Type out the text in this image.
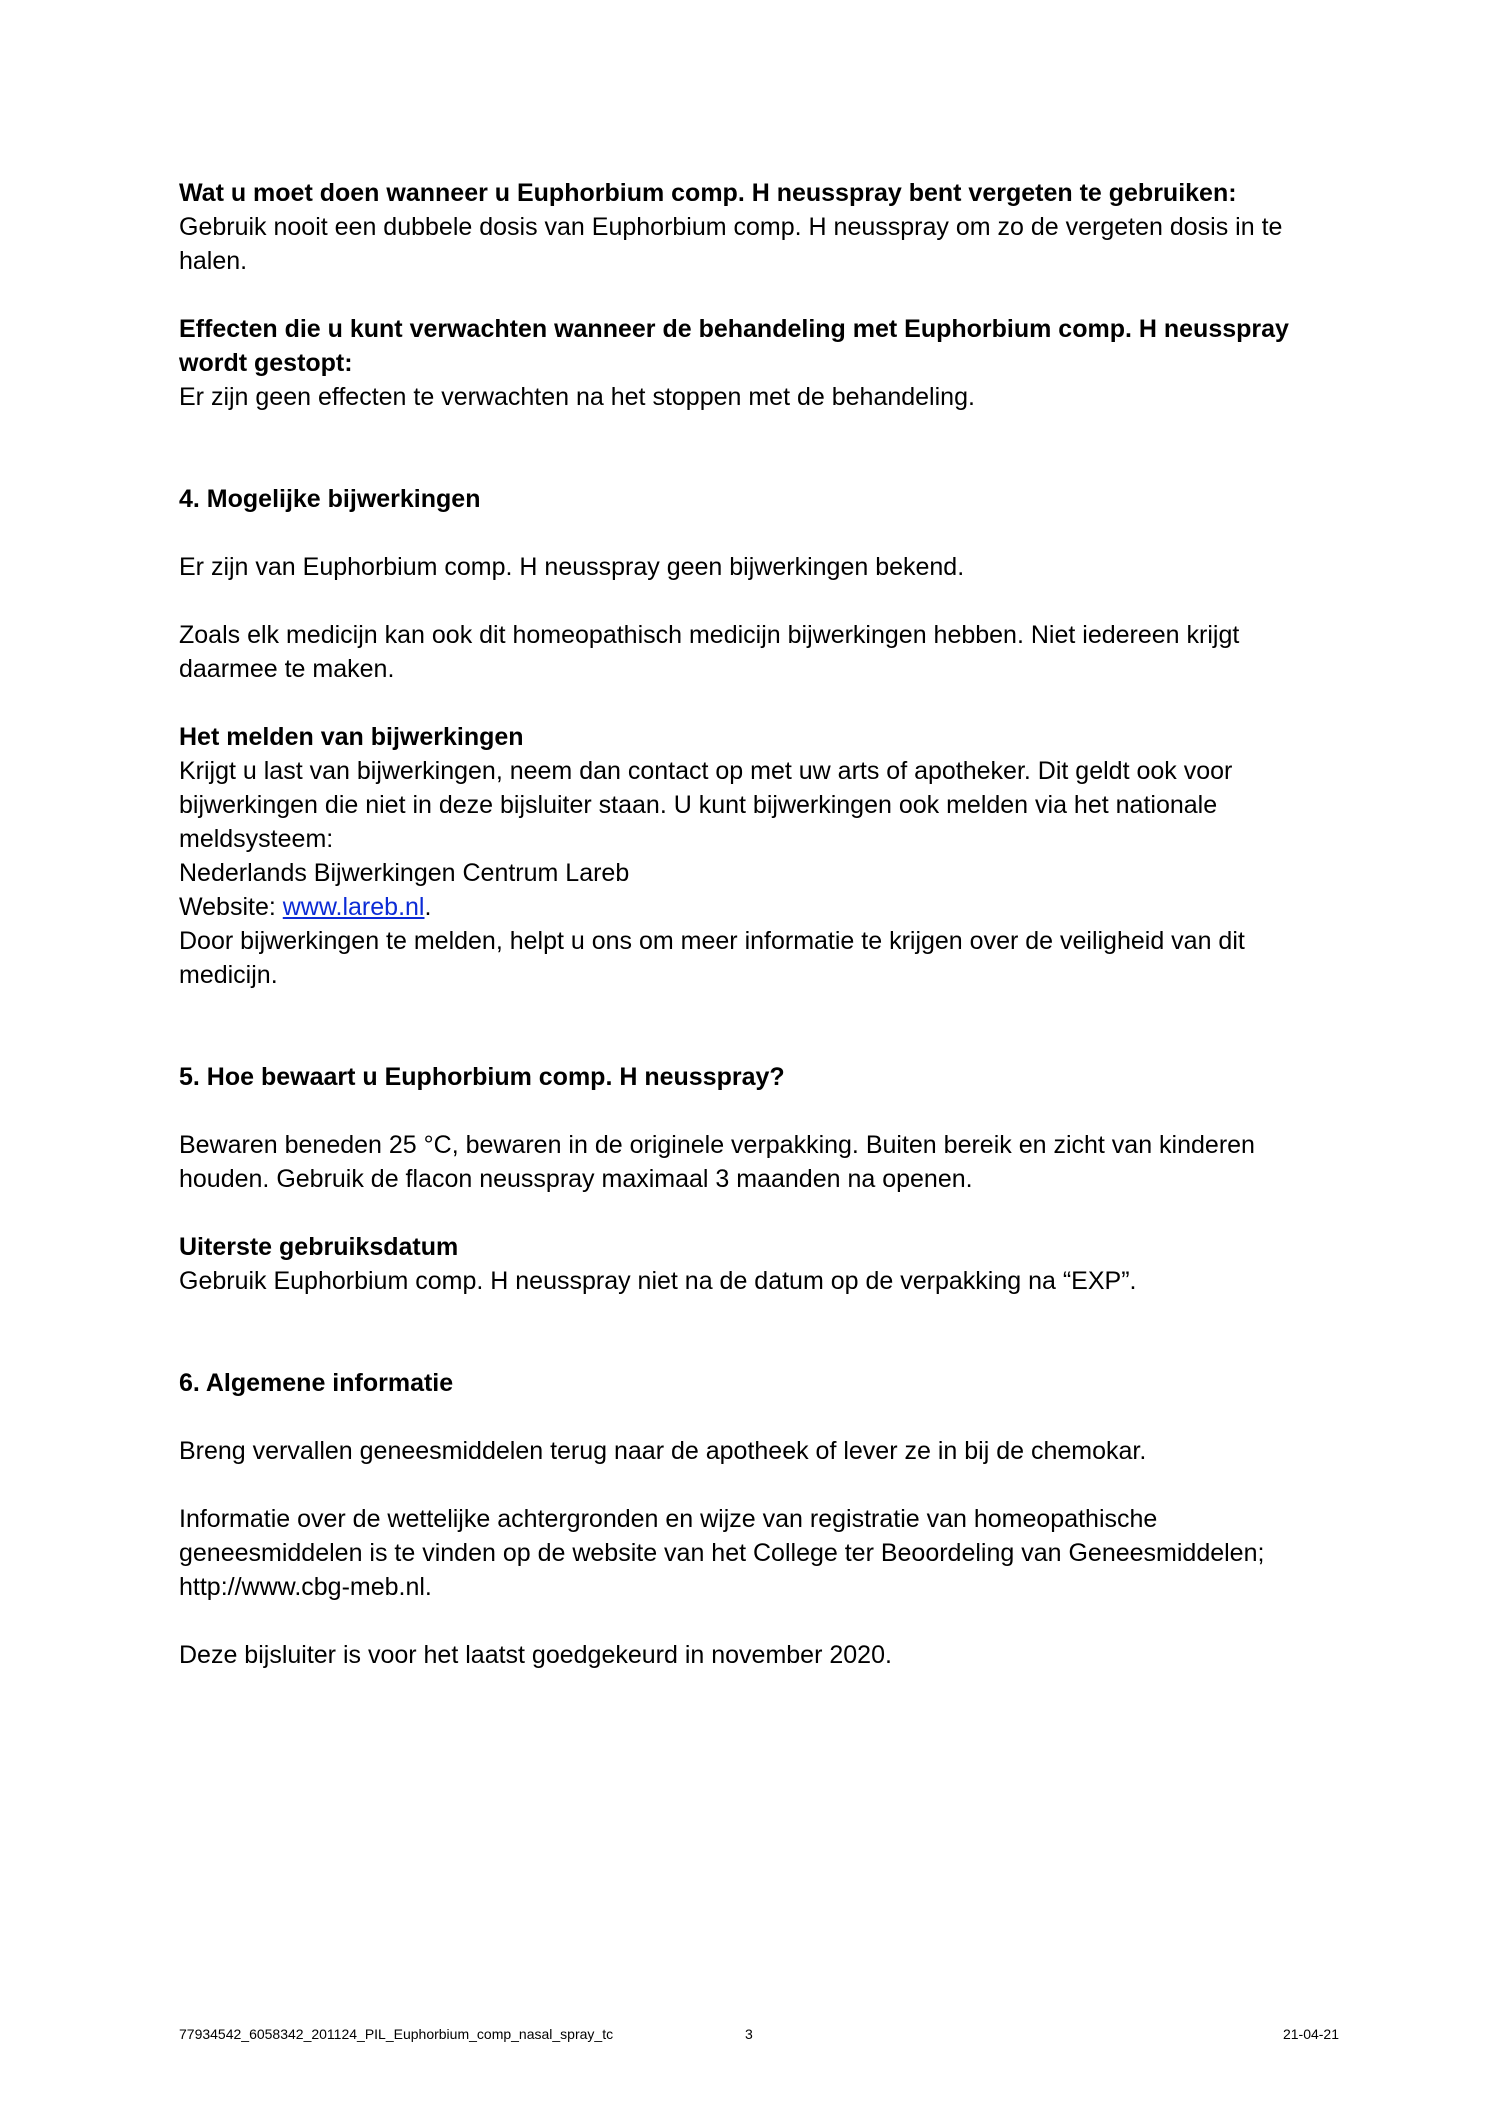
Wat u moet doen wanneer u Euphorbium comp. H neusspray bent vergeten te gebruiken:

Gebruik nooit een dubbele dosis van Euphorbium comp. H neusspray om zo de vergeten dosis in te halen.

Effecten die u kunt verwachten wanneer de behandeling met Euphorbium comp. H neusspray wordt gestopt:

Er zijn geen effecten te verwachten na het stoppen met de behandeling.

4. Mogelijke bijwerkingen

Er zijn van Euphorbium comp. H neusspray geen bijwerkingen bekend.

Zoals elk medicijn kan ook dit homeopathisch medicijn bijwerkingen hebben. Niet iedereen krijgt daarmee te maken.

Het melden van bijwerkingen

Krijgt u last van bijwerkingen, neem dan contact op met uw arts of apotheker. Dit geldt ook voor bijwerkingen die niet in deze bijsluiter staan. U kunt bijwerkingen ook melden via het nationale meldsysteem:

Nederlands Bijwerkingen Centrum Lareb

Website: www.lareb.nl.

Door bijwerkingen te melden, helpt u ons om meer informatie te krijgen over de veiligheid van dit medicijn.

5. Hoe bewaart u Euphorbium comp. H neusspray?

Bewaren beneden 25 °C, bewaren in de originele verpakking. Buiten bereik en zicht van kinderen houden. Gebruik de flacon neusspray maximaal 3 maanden na openen.

Uiterste gebruiksdatum

Gebruik Euphorbium comp. H neusspray niet na de datum op de verpakking na “EXP”.

6. Algemene informatie

Breng vervallen geneesmiddelen terug naar de apotheek of lever ze in bij de chemokar.

Informatie over de wettelijke achtergronden en wijze van registratie van homeopathische geneesmiddelen is te vinden op de website van het College ter Beoordeling van Geneesmiddelen; http://www.cbg-meb.nl.

Deze bijsluiter is voor het laatst goedgekeurd in november 2020.

77934542_6058342_201124_PIL_Euphorbium_comp_nasal_spray_tc	3	21-04-21
